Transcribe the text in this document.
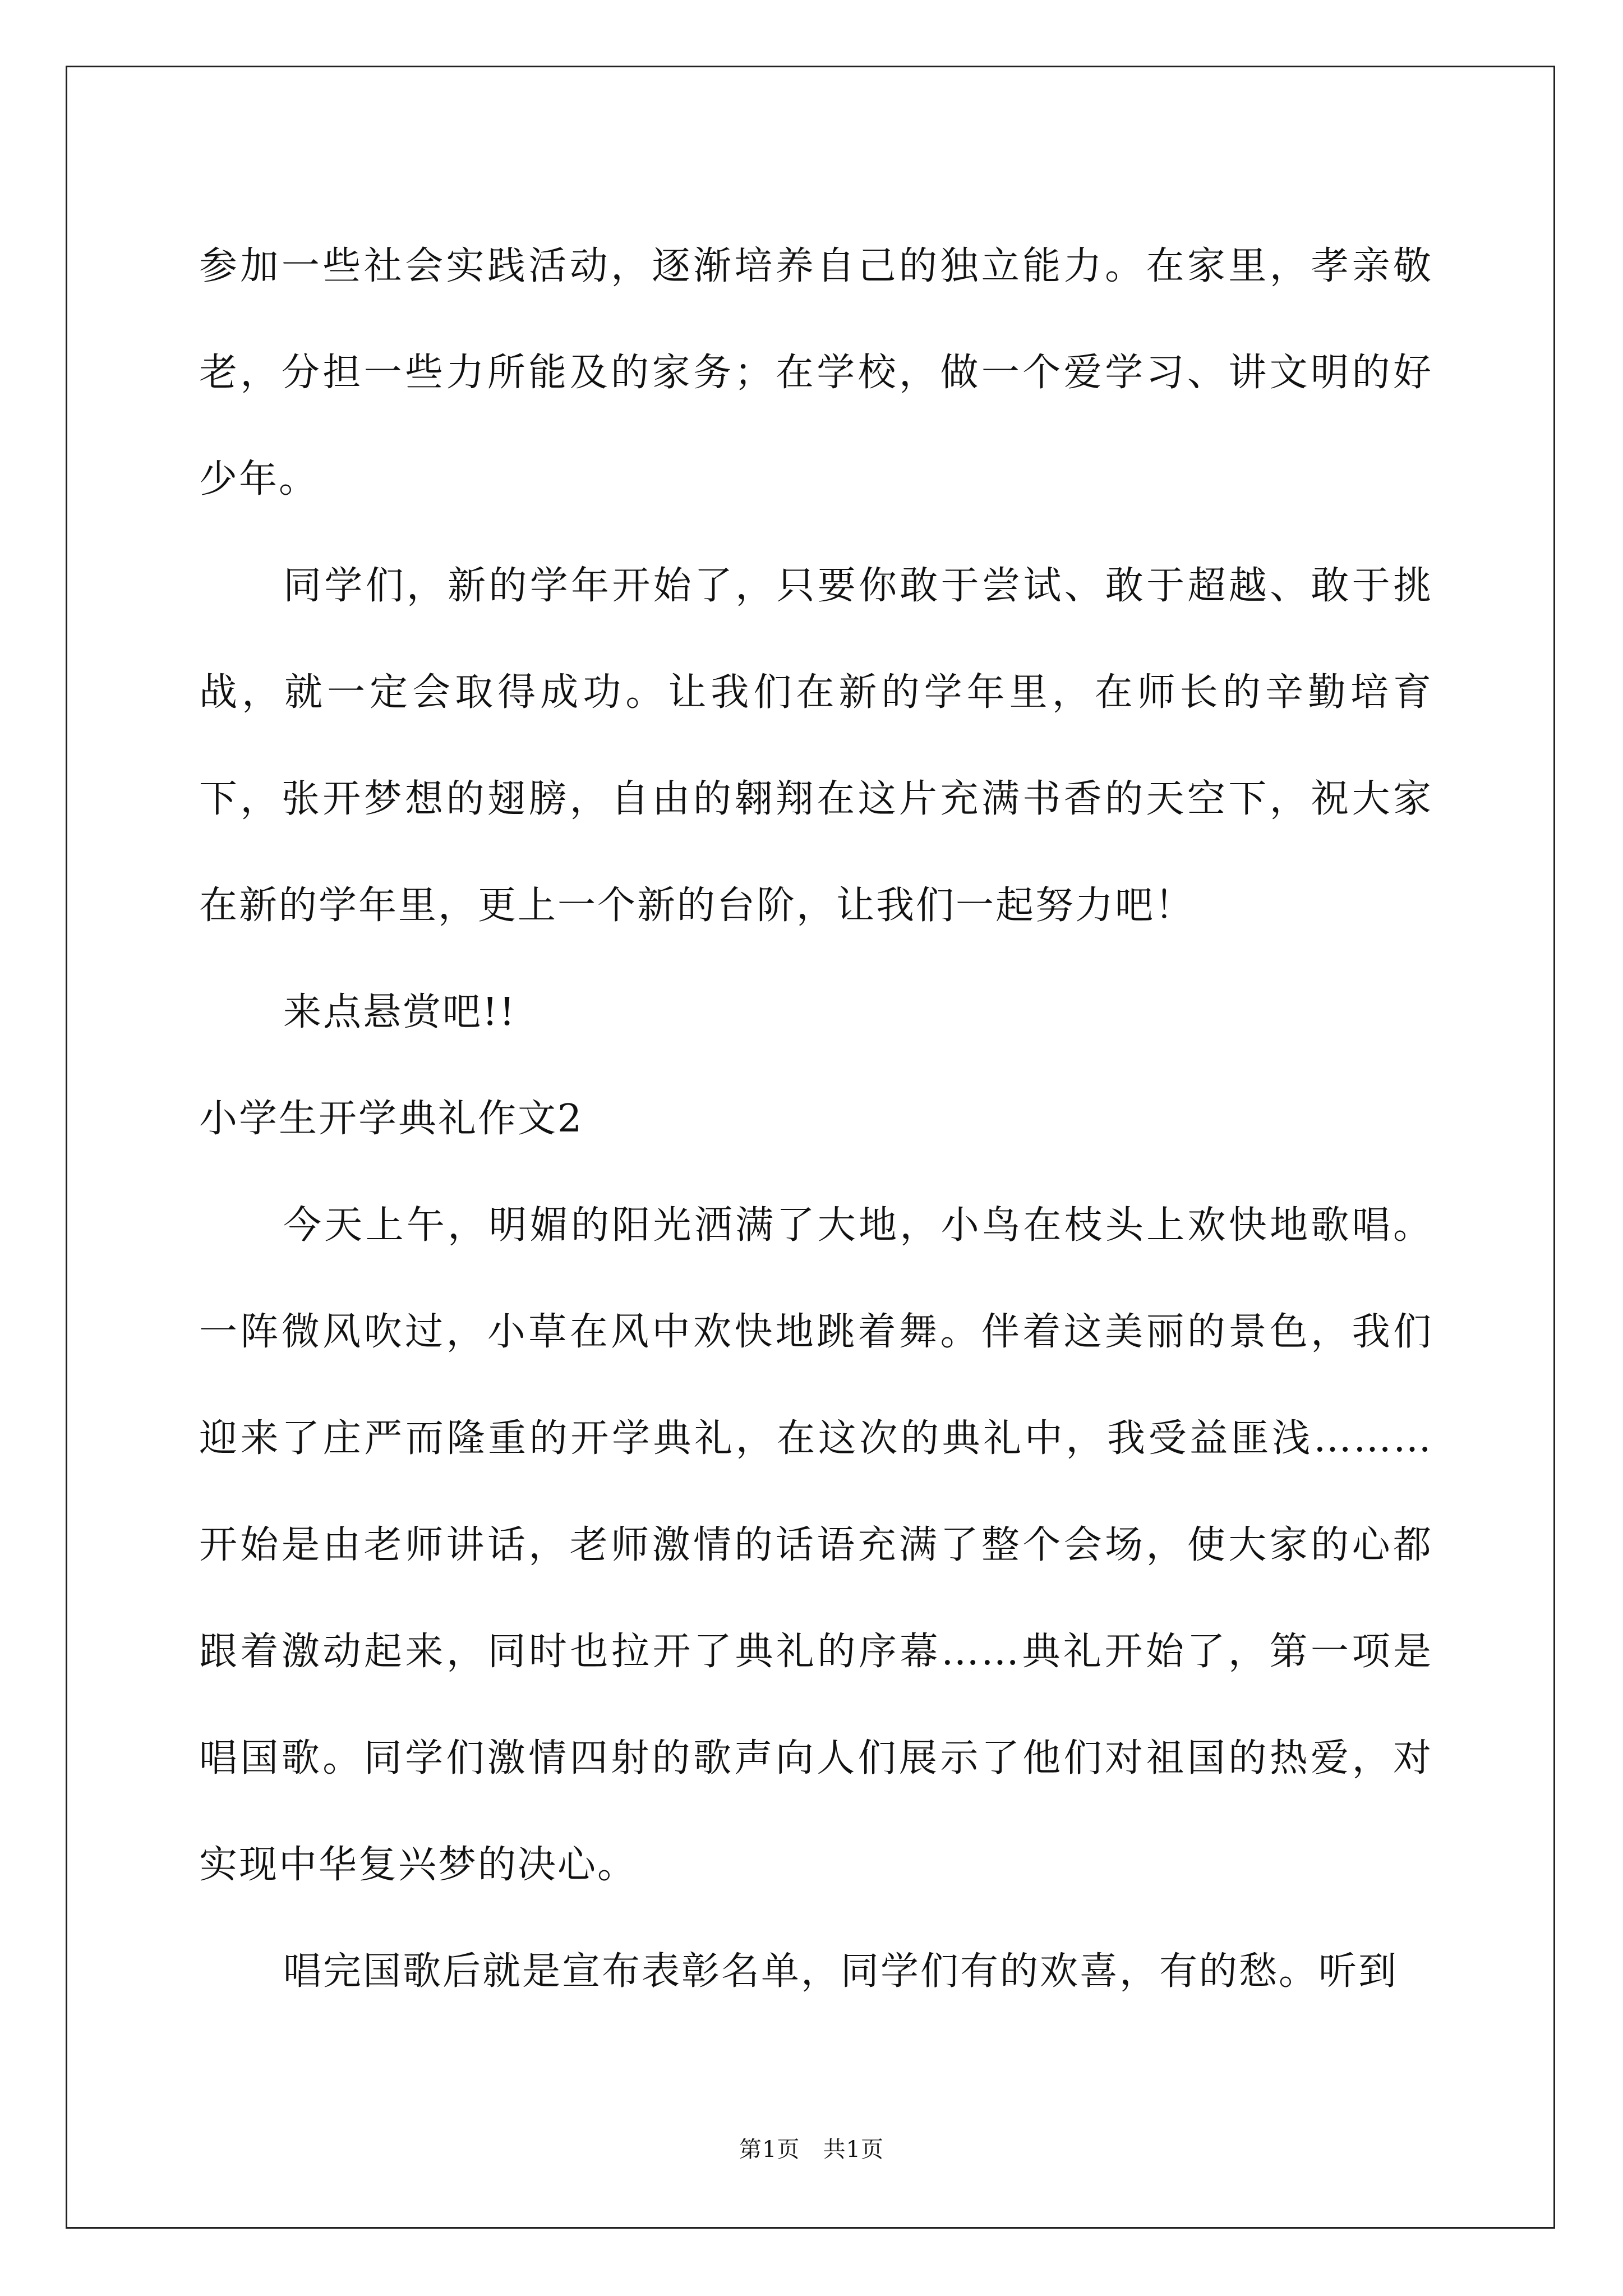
参加一些社会实践活动，逐渐培养自己的独立能力。在家里，孝亲敬老，分担一些力所能及的家务；在学校，做一个爱学习、讲文明的好少年。

同学们，新的学年开始了，只要你敢于尝试、敢于超越、敢于挑战，就一定会取得成功。让我们在新的学年里，在师长的辛勤培育下，张开梦想的翅膀，自由的翱翔在这片充满书香的天空下，祝大家在新的学年里，更上一个新的台阶，让我们一起努力吧！

来点悬赏吧!!

小学生开学典礼作文2

今天上午，明媚的阳光洒满了大地，小鸟在枝头上欢快地歌唱。一阵微风吹过，小草在风中欢快地跳着舞。伴着这美丽的景色，我们迎来了庄严而隆重的开学典礼，在这次的典礼中，我受益匪浅………开始是由老师讲话，老师激情的话语充满了整个会场，使大家的心都跟着激动起来，同时也拉开了典礼的序幕……典礼开始了，第一项是唱国歌。同学们激情四射的歌声向人们展示了他们对祖国的热爱，对实现中华复兴梦的决心。

唱完国歌后就是宣布表彰名单，同学们有的欢喜，有的愁。听到

第1页 共1页
